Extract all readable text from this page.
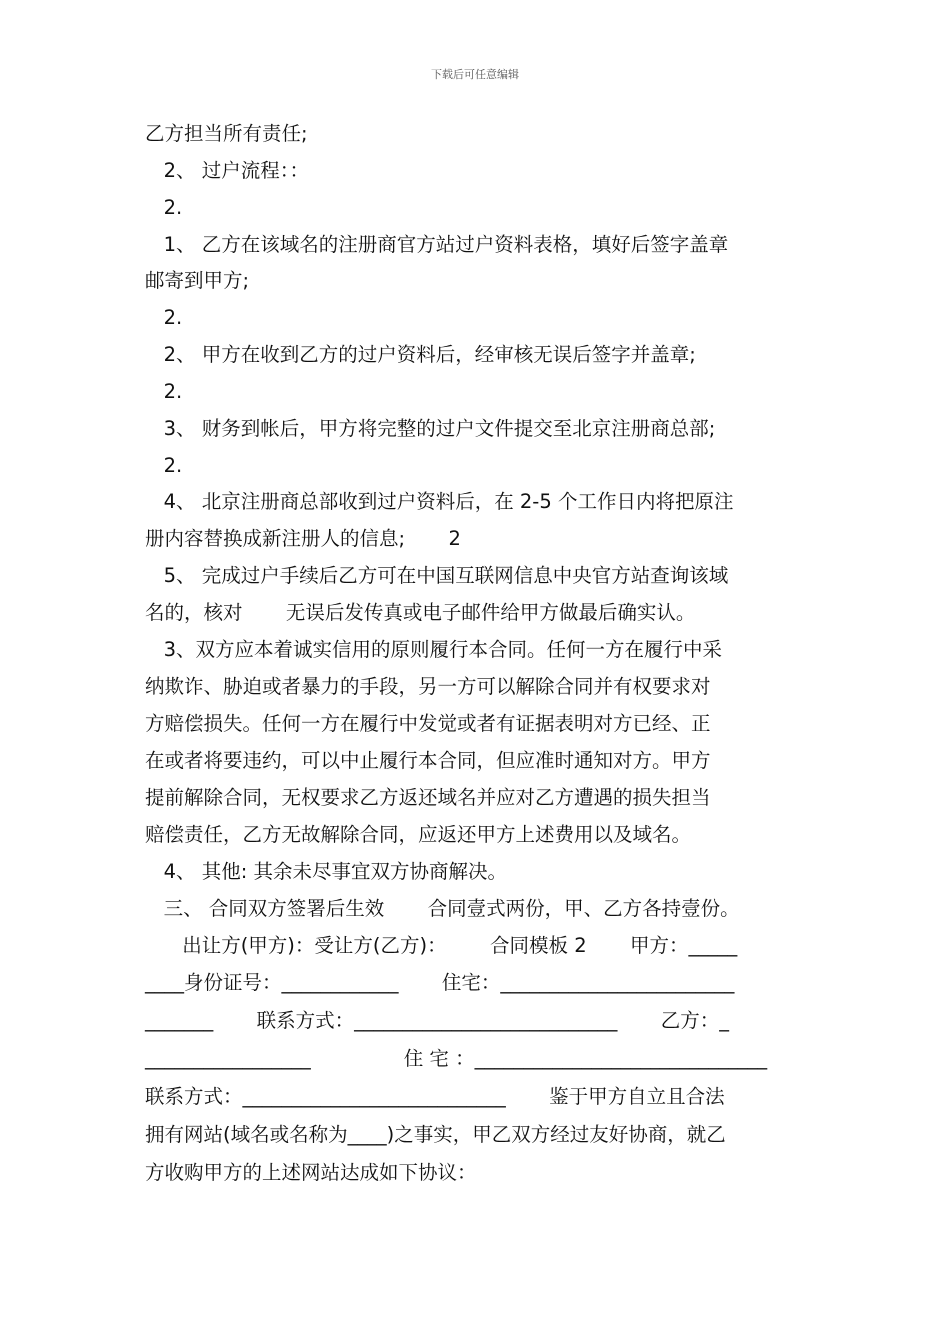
下载后可任意编辑
乙方担当所有责任;
2、 过户流程：：
2.
1、 乙方在该域名的注册商官方站过户资料表格，填好后签字盖章
邮寄到甲方;
2.
2、 甲方在收到乙方的过户资料后，经审核无误后签字并盖章;
2.
3、 财务到帐后，甲方将完整的过户文件提交至北京注册商总部;
2.
4、 北京注册商总部收到过户资料后，在 2-5 个工作日内将把原注
册内容替换成新注册人的信息;       2
5、 完成过户手续后乙方可在中国互联网信息中央官方站查询该域
名的，核对       无误后发传真或电子邮件给甲方做最后确实认。
3、双方应本着诚实信用的原则履行本合同。任何一方在履行中采
纳欺诈、胁迫或者暴力的手段，另一方可以解除合同并有权要求对
方赔偿损失。任何一方在履行中发觉或者有证据表明对方已经、正
在或者将要违约，可以中止履行本合同，但应准时通知对方。甲方
提前解除合同，无权要求乙方返还域名并应对乙方遭遇的损失担当
赔偿责任，乙方无故解除合同，应返还甲方上述费用以及域名。
4、 其他: 其余未尽事宜双方协商解决。
三、 合同双方签署后生效       合同壹式两份，甲、乙方各持壹份。
出让方(甲方)：受让方(乙方)：       合同模板 2       甲方：_____
____身份证号：____________       住宅：________________________
_______       联系方式：___________________________       乙方：_
_________________               住 宅 ：______________________________
联系方式：___________________________       鉴于甲方自立且合法
拥有网站(域名或名称为____)之事实，甲乙双方经过友好协商，就乙
方收购甲方的上述网站达成如下协议：
